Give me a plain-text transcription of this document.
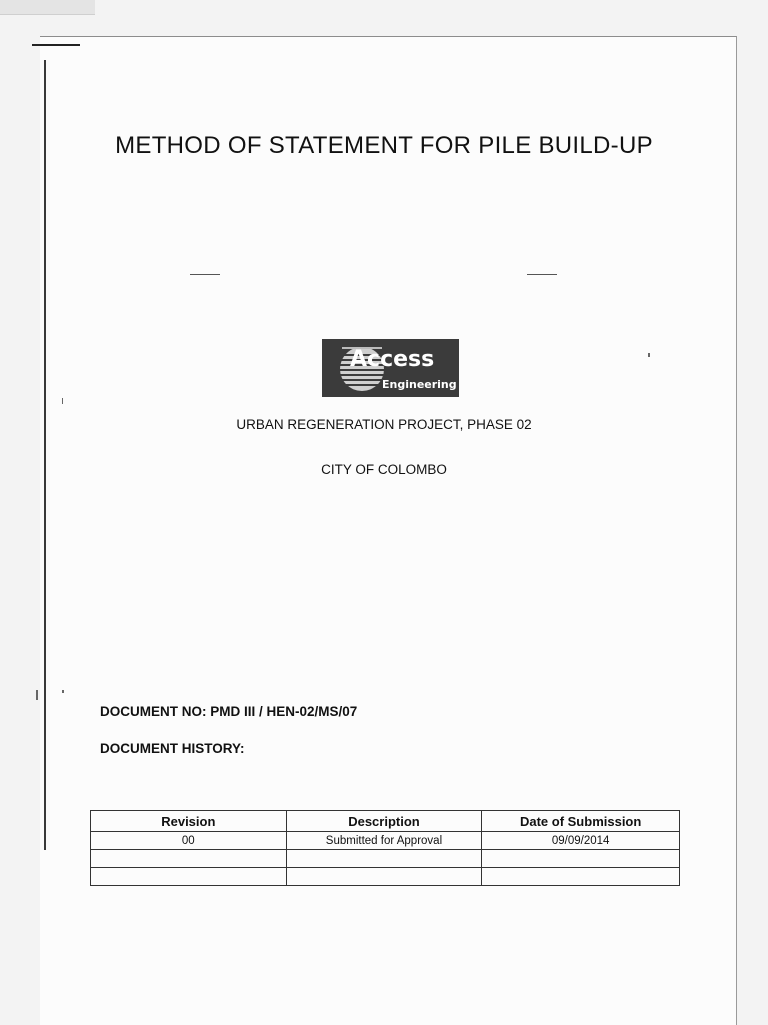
METHOD OF STATEMENT FOR PILE BUILD-UP
Access
Engineering
URBAN REGENERATION PROJECT, PHASE 02
CITY OF COLOMBO
DOCUMENT NO: PMD III / HEN-02/MS/07
DOCUMENT HISTORY:
Revision	Description	Date of Submission
00	Submitted for Approval	09/09/2014
